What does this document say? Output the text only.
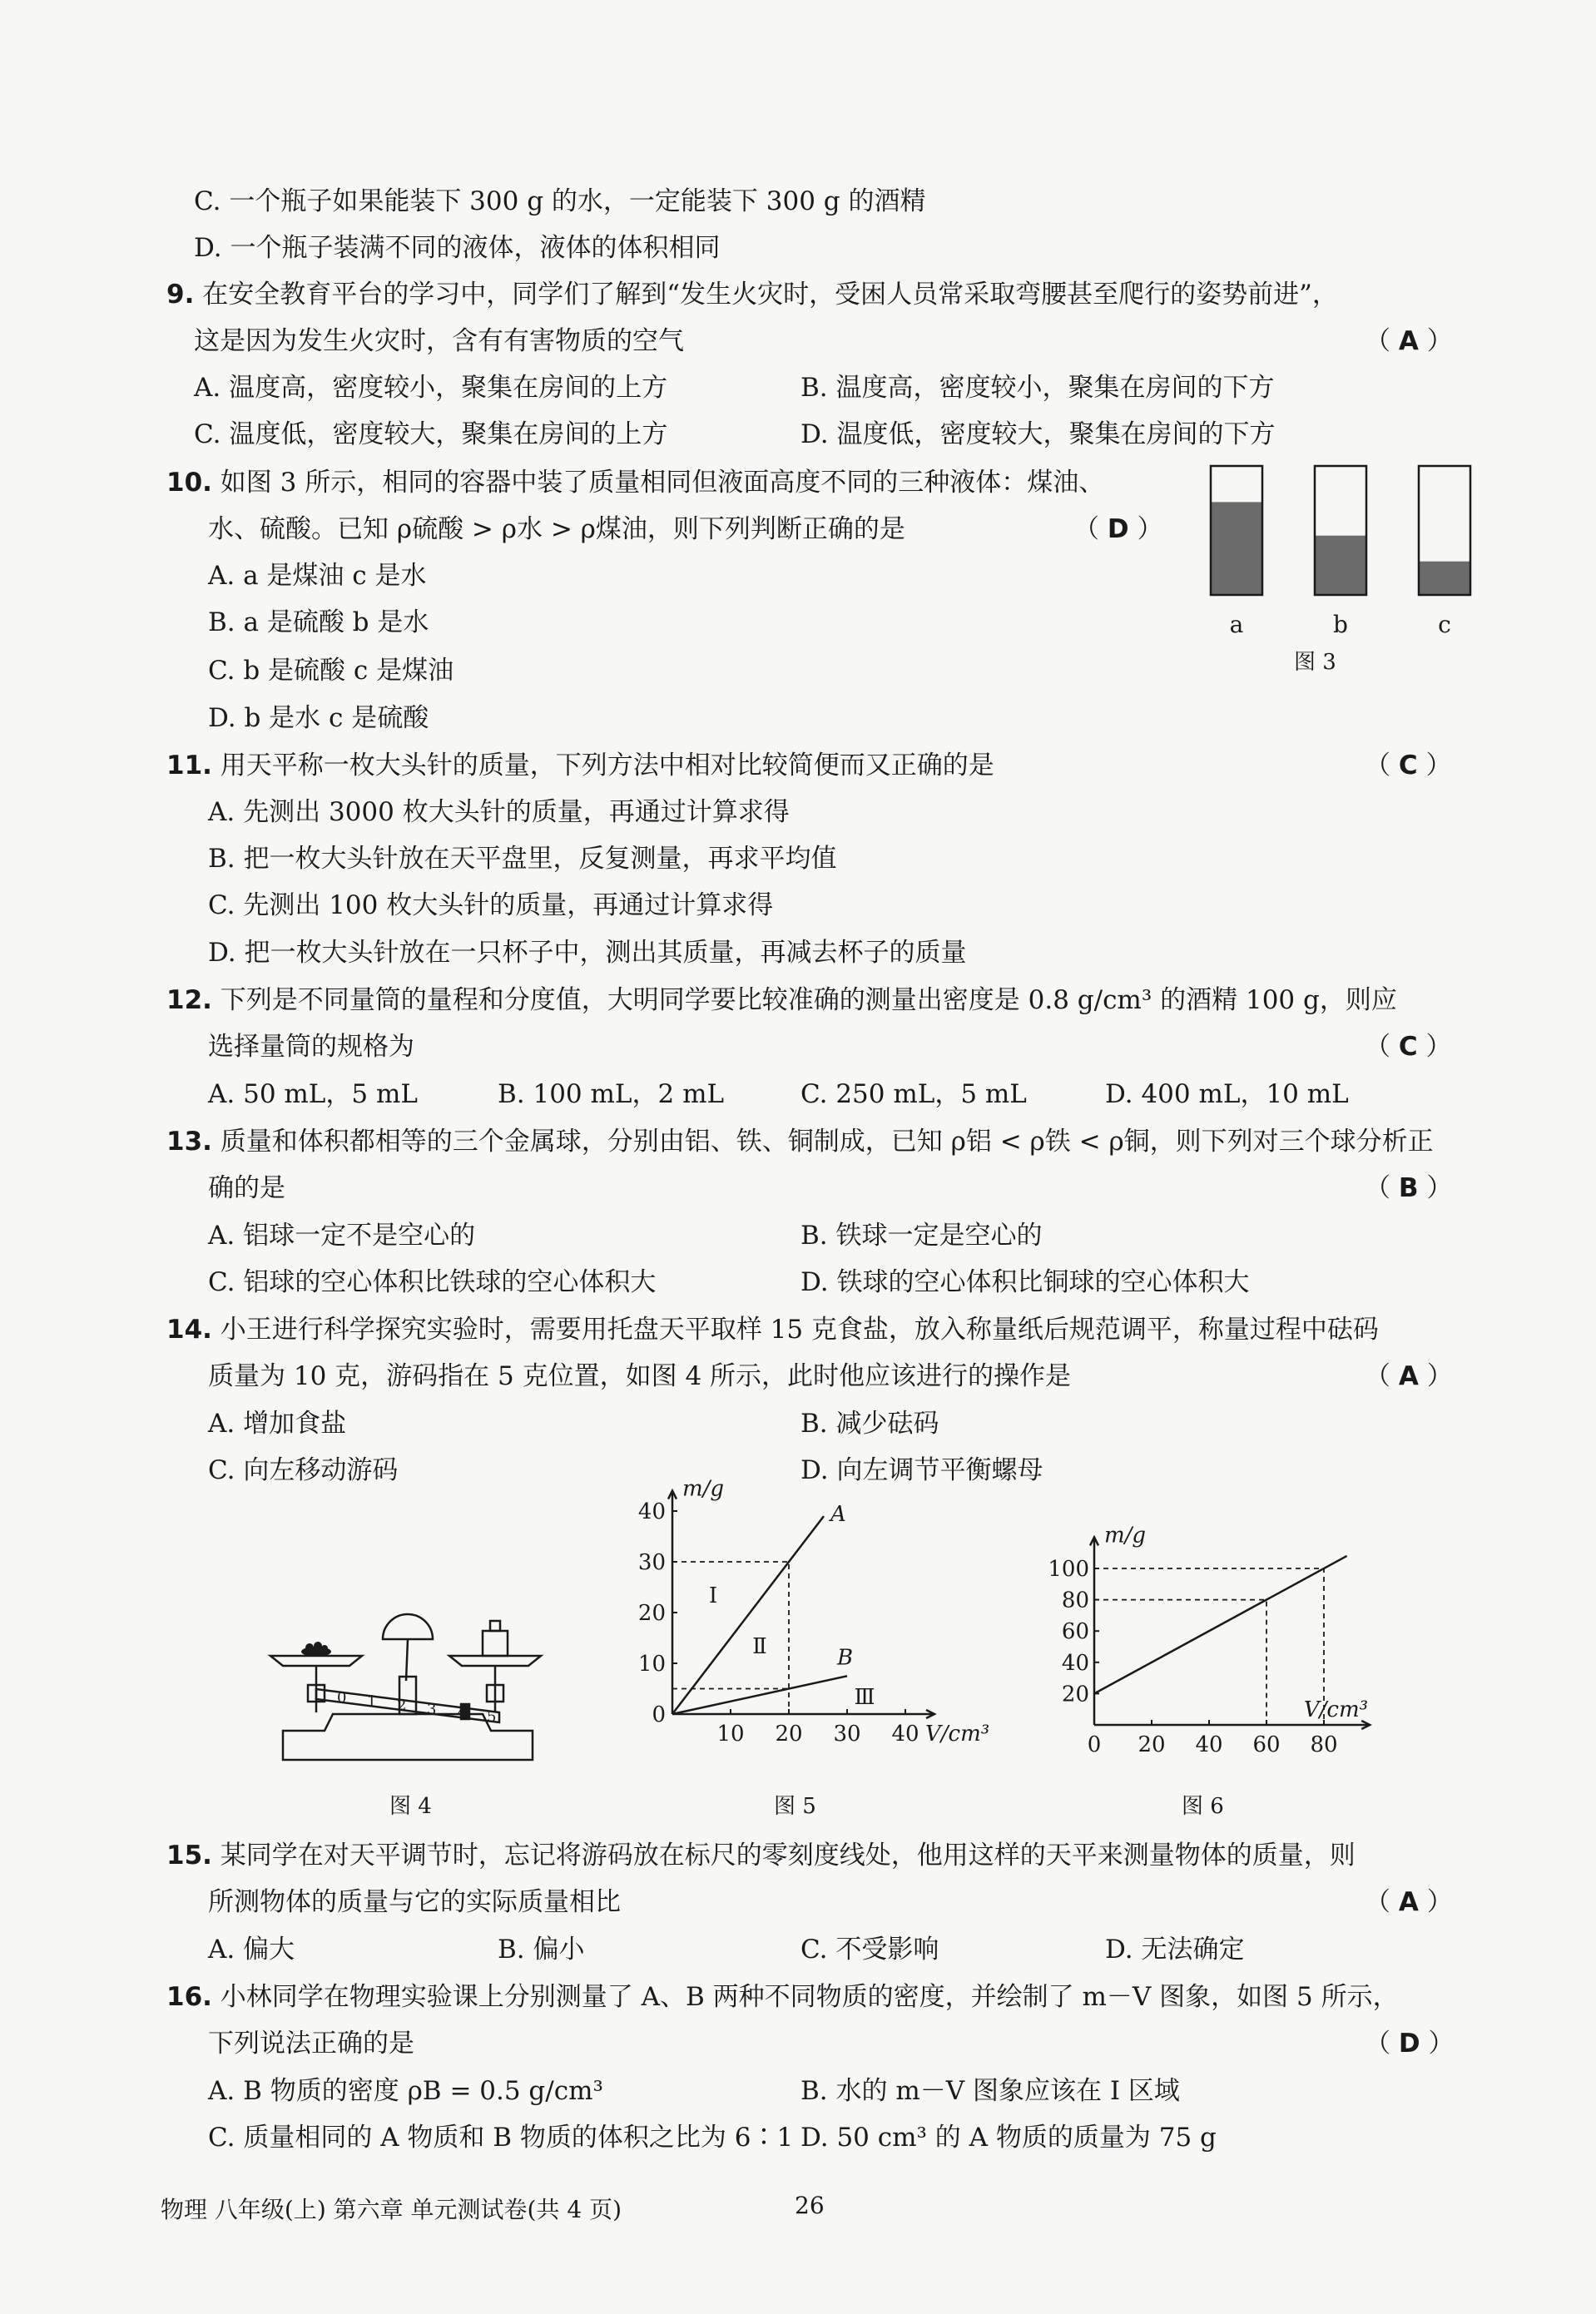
C. 一个瓶子如果能装下 300 g 的水，一定能装下 300 g 的酒精
D. 一个瓶子装满不同的液体，液体的体积相同
9. 在安全教育平台的学习中，同学们了解到“发生火灾时，受困人员常采取弯腰甚至爬行的姿势前进”，
这是因为发生火灾时，含有有害物质的空气	（ A ）
A. 温度高，密度较小，聚集在房间的上方	B. 温度高，密度较小，聚集在房间的下方
C. 温度低，密度较大，聚集在房间的上方	D. 温度低，密度较大，聚集在房间的下方
10. 如图 3 所示，相同的容器中装了质量相同但液面高度不同的三种液体：煤油、
水、硫酸。已知 ρ硫酸 > ρ水 > ρ煤油，则下列判断正确的是	（ D ）
A. a 是煤油 c 是水
B. a 是硫酸 b 是水
C. b 是硫酸 c 是煤油
D. b 是水 c 是硫酸
a	b	c
图 3
11. 用天平称一枚大头针的质量，下列方法中相对比较简便而又正确的是	（ C ）
A. 先测出 3000 枚大头针的质量，再通过计算求得
B. 把一枚大头针放在天平盘里，反复测量，再求平均值
C. 先测出 100 枚大头针的质量，再通过计算求得
D. 把一枚大头针放在一只杯子中，测出其质量，再减去杯子的质量
12. 下列是不同量筒的量程和分度值，大明同学要比较准确的测量出密度是 0.8 g/cm³ 的酒精 100 g，则应
选择量筒的规格为	（ C ）
A. 50 mL，5 mL	B. 100 mL，2 mL	C. 250 mL，5 mL	D. 400 mL，10 mL
13. 质量和体积都相等的三个金属球，分别由铝、铁、铜制成，已知 ρ铝 < ρ铁 < ρ铜，则下列对三个球分析正
确的是	（ B ）
A. 铝球一定不是空心的	B. 铁球一定是空心的
C. 铝球的空心体积比铁球的空心体积大	D. 铁球的空心体积比铜球的空心体积大
14. 小王进行科学探究实验时，需要用托盘天平取样 15 克食盐，放入称量纸后规范调平，称量过程中砝码
质量为 10 克，游码指在 5 克位置，如图 4 所示，此时他应该进行的操作是	（ A ）
A. 增加食盐	B. 减少砝码
C. 向左移动游码	D. 向左调节平衡螺母
0 1 2 3 4 5
图 4
0
10
20
30
40
10 20 30 40
m/g
V/cm³
A
B
Ⅰ
Ⅱ
Ⅲ
图 5
20
40
60
80
100
0 20 40 60 80
m/g
V/cm³
图 6
15. 某同学在对天平调节时，忘记将游码放在标尺的零刻度线处，他用这样的天平来测量物体的质量，则
所测物体的质量与它的实际质量相比	（ A ）
A. 偏大	B. 偏小	C. 不受影响	D. 无法确定
16. 小林同学在物理实验课上分别测量了 A、B 两种不同物质的密度，并绘制了 m－V 图象，如图 5 所示，
下列说法正确的是	（ D ）
A. B 物质的密度 ρB = 0.5 g/cm³	B. 水的 m－V 图象应该在 Ⅰ 区域
C. 质量相同的 A 物质和 B 物质的体积之比为 6∶1 D. 50 cm³ 的 A 物质的质量为 75 g
物理 八年级(上) 第六章 单元测试卷(共 4 页)	26
